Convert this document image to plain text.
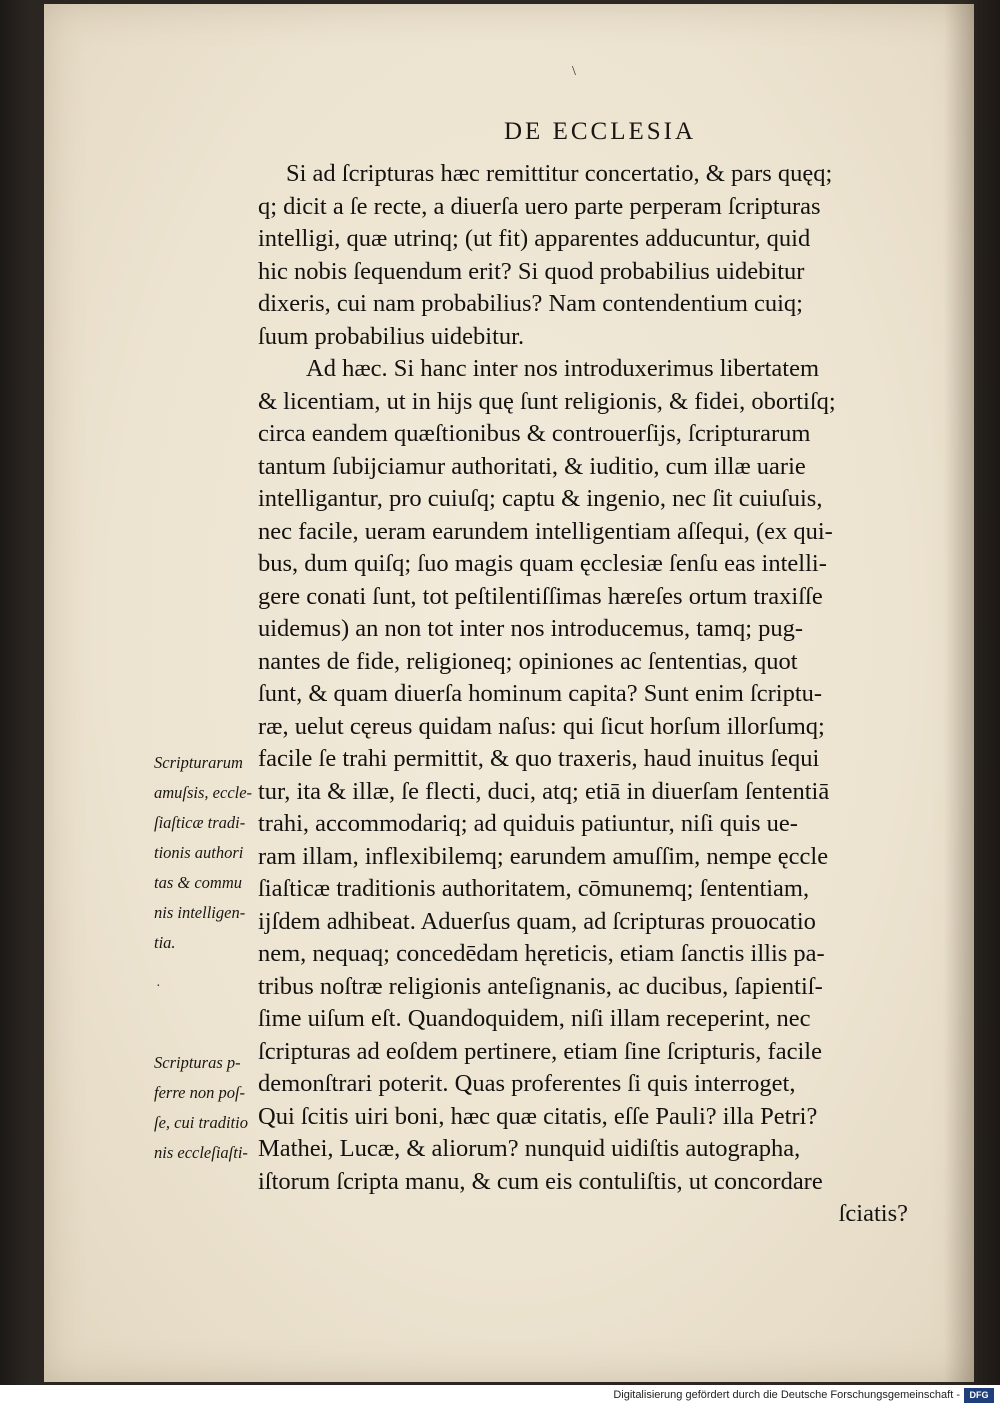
\
·
DE ECCLESIA
Si ad ſcripturas hæc remittitur concertatio, & pars quęq;
q; dicit a ſe recte, a diuerſa uero parte perperam ſcripturas
intelligi, quæ utrinq; (ut fit) apparentes adducuntur, quid
hic nobis ſequendum erit? Si quod probabilius uidebitur
dixeris, cui nam probabilius? Nam contendentium cuiq;
ſuum probabilius uidebitur.
Ad hæc. Si hanc inter nos introduxerimus libertatem
& licentiam, ut in hijs quę ſunt religionis, & fidei, obortiſq;
circa eandem quæſtionibus & controuerſijs, ſcripturarum
tantum ſubijciamur authoritati, & iuditio, cum illæ uarie
intelligantur, pro cuiuſq; captu & ingenio, nec ſit cuiuſuis,
nec facile, ueram earundem intelligentiam aſſequi, (ex qui-
bus, dum quiſq; ſuo magis quam ęcclesiæ ſenſu eas intelli-
gere conati ſunt, tot peſtilentiſſimas hæreſes ortum traxiſſe
uidemus) an non tot inter nos introducemus, tamq; pug-
nantes de fide, religioneq; opiniones ac ſententias, quot
ſunt, & quam diuerſa hominum capita? Sunt enim ſcriptu-
ræ, uelut cęreus quidam naſus: qui ſicut horſum illorſumq;
facile ſe trahi permittit, & quo traxeris, haud inuitus ſequi
tur, ita & illæ, ſe flecti, duci, atq; etiā in diuerſam ſententiā
trahi, accommodariq; ad quiduis patiuntur, niſi quis ue-
ram illam, inflexibilemq; earundem amuſſim, nempe ęccle
ſiaſticæ traditionis authoritatem, cōmunemq; ſententiam,
ijſdem adhibeat. Aduerſus quam, ad ſcripturas prouocatio
nem, nequaq; concedēdam hęreticis, etiam ſanctis illis pa-
tribus noſtræ religionis anteſignanis, ac ducibus, ſapientiſ-
ſime uiſum eſt. Quandoquidem, niſi illam receperint, nec
ſcripturas ad eoſdem pertinere, etiam ſine ſcripturis, facile
demonſtrari poterit. Quas proferentes ſi quis interroget,
Qui ſcitis uiri boni, hæc quæ citatis, eſſe Pauli? illa Petri?
Mathei, Lucæ, & aliorum? nunquid uidiſtis autographa,
iſtorum ſcripta manu, & cum eis contuliſtis, ut concordare
ſciatis?
Scripturarum
amuſsis, eccle-
ſiaſticæ tradi-
tionis authori
tas & commu
nis intelligen-
tia.
Scripturas p-
ferre non poſ-
ſe, cui traditio
nis eccleſiaſti-
Digitalisierung gefördert durch die Deutsche Forschungsgemeinschaft -	DFG
